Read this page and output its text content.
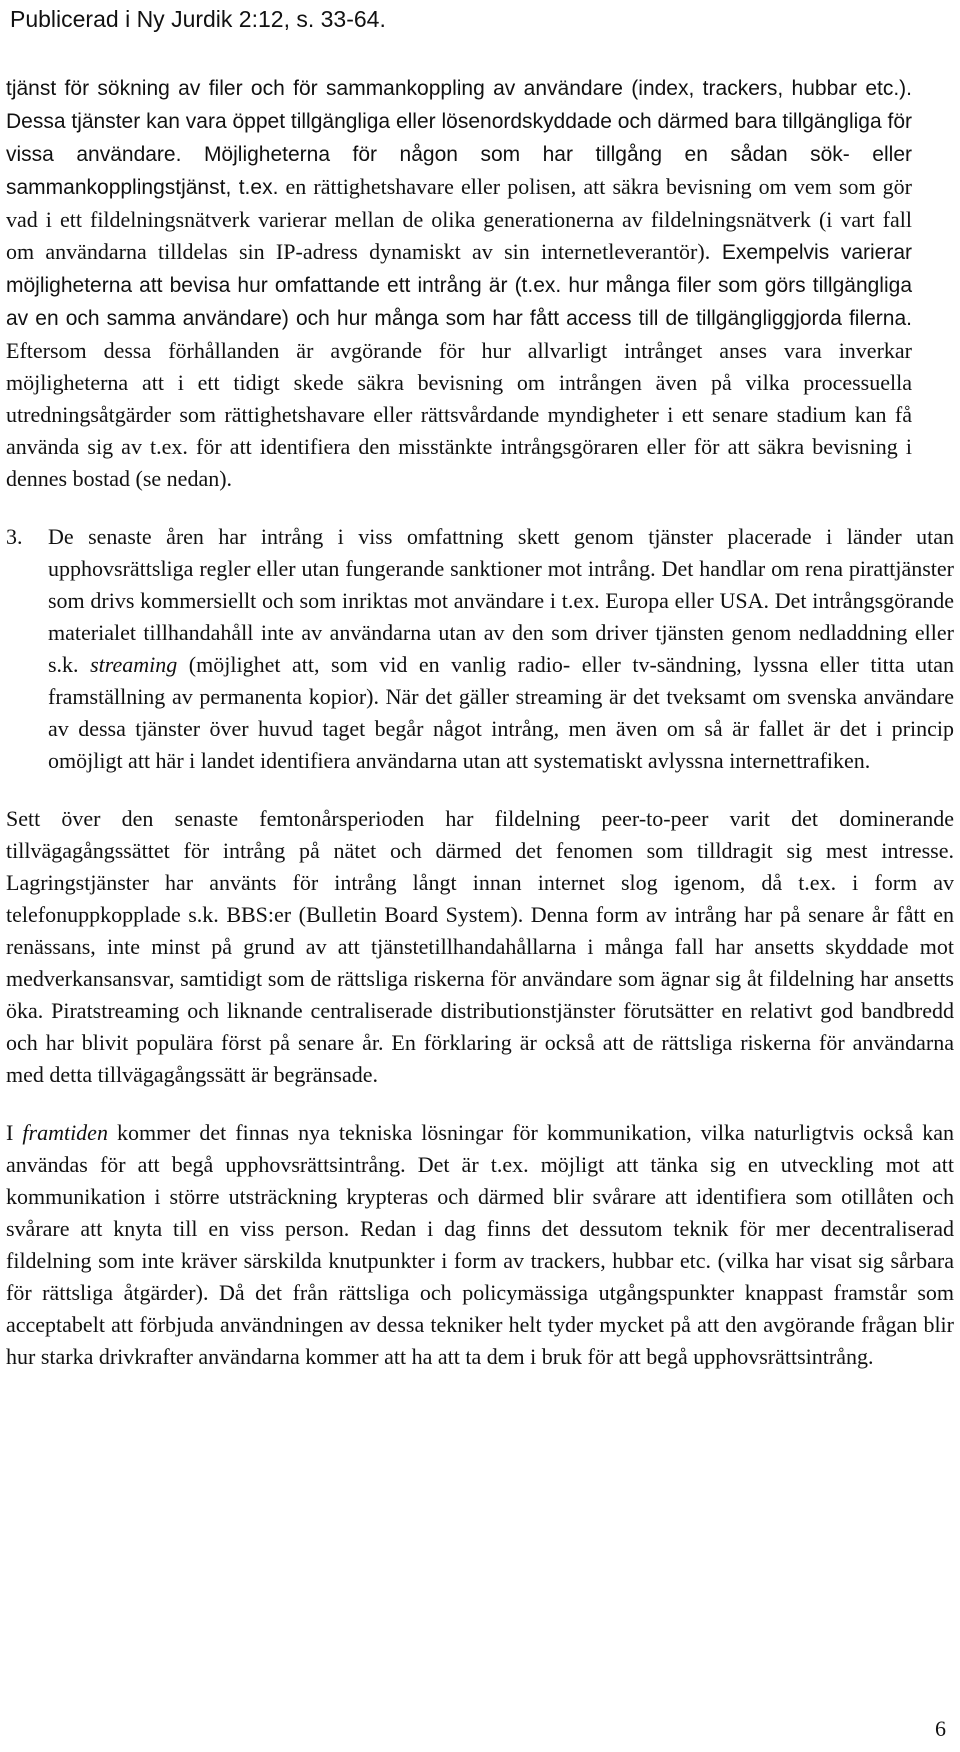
Publicerad i Ny Jurdik 2:12, s. 33-64.

tjänst för sökning av filer och för sammankoppling av användare (index, trackers, hubbar etc.). Dessa tjänster kan vara öppet tillgängliga eller lösenordskyddade och därmed bara tillgängliga för vissa användare. Möjligheterna för någon som har tillgång en sådan sök- eller sammankopplingstjänst, t.ex. en rättighetshavare eller polisen, att säkra bevisning om vem som gör vad i ett fildelningsnätverk varierar mellan de olika generationerna av fildelningsnätverk (i vart fall om användarna tilldelas sin IP-adress dynamiskt av sin internetleverantör). Exempelvis varierar möjligheterna att bevisa hur omfattande ett intrång är (t.ex. hur många filer som görs tillgängliga av en och samma användare) och hur många som har fått access till de tillgängliggjorda filerna. Eftersom dessa förhållanden är avgörande för hur allvarligt intrånget anses vara inverkar möjligheterna att i ett tidigt skede säkra bevisning om intrången även på vilka processuella utredningsåtgärder som rättighetshavare eller rättsvårdande myndigheter i ett senare stadium kan få använda sig av t.ex. för att identifiera den misstänkte intrångsgöraren eller för att säkra bevisning i dennes bostad (se nedan).

3. De senaste åren har intrång i viss omfattning skett genom tjänster placerade i länder utan upphovsrättsliga regler eller utan fungerande sanktioner mot intrång. Det handlar om rena pirattjänster som drivs kommersiellt och som inriktas mot användare i t.ex. Europa eller USA. Det intrångsgörande materialet tillhandahåll inte av användarna utan av den som driver tjänsten genom nedladdning eller s.k. streaming (möjlighet att, som vid en vanlig radio- eller tv-sändning, lyssna eller titta utan framställning av permanenta kopior). När det gäller streaming är det tveksamt om svenska användare av dessa tjänster över huvud taget begår något intrång, men även om så är fallet är det i princip omöjligt att här i landet identifiera användarna utan att systematiskt avlyssna internettrafiken.

Sett över den senaste femtonårsperioden har fildelning peer-to-peer varit det dominerande tillvägagångssättet för intrång på nätet och därmed det fenomen som tilldragit sig mest intresse. Lagringstjänster har använts för intrång långt innan internet slog igenom, då t.ex. i form av telefonuppkopplade s.k. BBS:er (Bulletin Board System). Denna form av intrång har på senare år fått en renässans, inte minst på grund av att tjänstetillhandahållarna i många fall har ansetts skyddade mot medverkansansvar, samtidigt som de rättsliga riskerna för användare som ägnar sig åt fildelning har ansetts öka. Piratstreaming och liknande centraliserade distributionstjänster förutsätter en relativt god bandbredd och har blivit populära först på senare år. En förklaring är också att de rättsliga riskerna för användarna med detta tillvägagångssätt är begränsade.

I framtiden kommer det finnas nya tekniska lösningar för kommunikation, vilka naturligtvis också kan användas för att begå upphovsrättsintrång. Det är t.ex. möjligt att tänka sig en utveckling mot att kommunikation i större utsträckning krypteras och därmed blir svårare att identifiera som otillåten och svårare att knyta till en viss person. Redan i dag finns det dessutom teknik för mer decentraliserad fildelning som inte kräver särskilda knutpunkter i form av trackers, hubbar etc. (vilka har visat sig sårbara för rättsliga åtgärder). Då det från rättsliga och policymässiga utgångspunkter knappast framstår som acceptabelt att förbjuda användningen av dessa tekniker helt tyder mycket på att den avgörande frågan blir hur starka drivkrafter användarna kommer att ha att ta dem i bruk för att begå upphovsrättsintrång.

6
